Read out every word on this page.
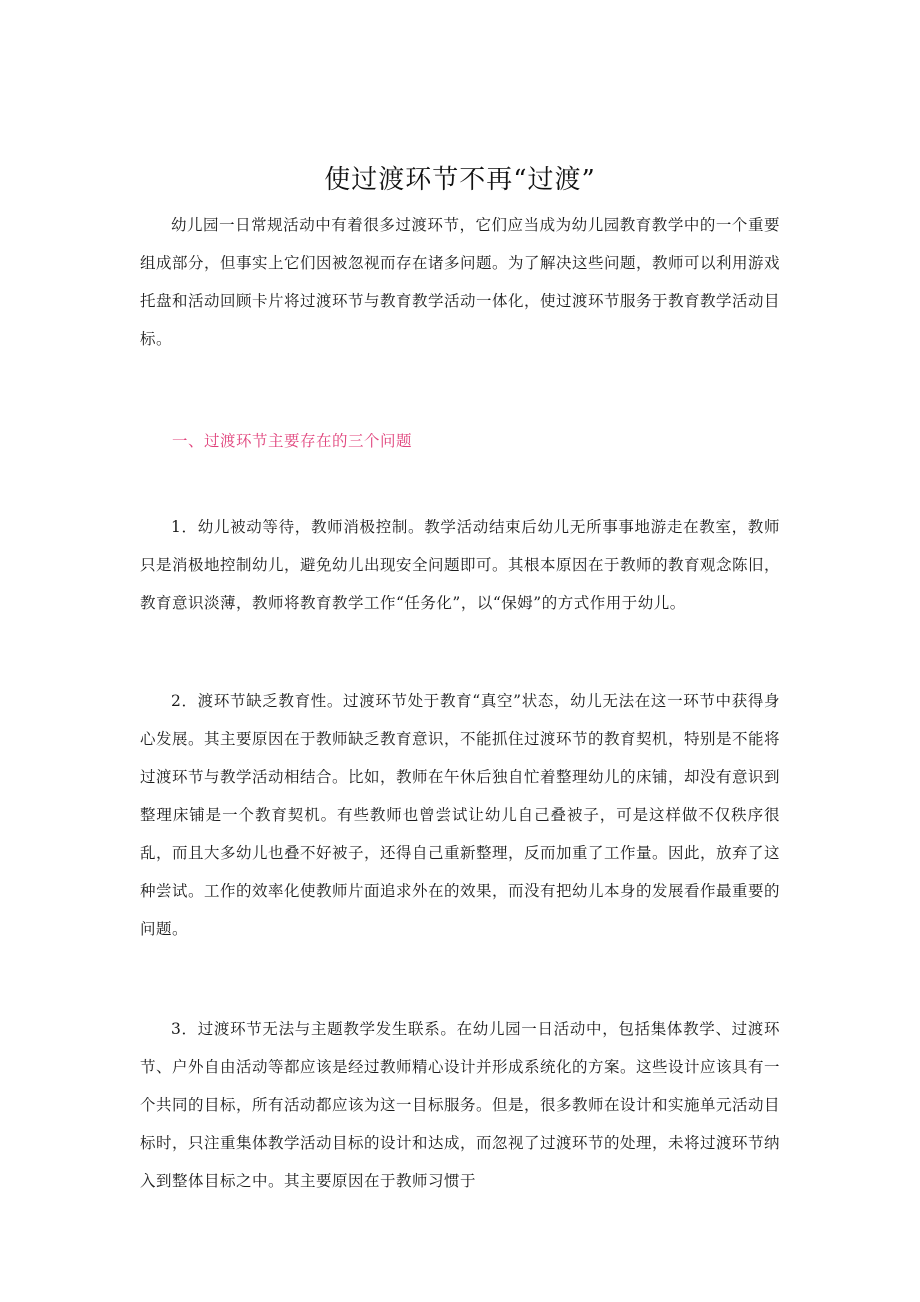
使过渡环节不再“过渡”

幼儿园一日常规活动中有着很多过渡环节，它们应当成为幼儿园教育教学中的一个重要组成部分，但事实上它们因被忽视而存在诸多问题。为了解决这些问题，教师可以利用游戏托盘和活动回顾卡片将过渡环节与教育教学活动一体化，使过渡环节服务于教育教学活动目标。

一、过渡环节主要存在的三个问题

1．幼儿被动等待，教师消极控制。教学活动结束后幼儿无所事事地游走在教室，教师只是消极地控制幼儿，避免幼儿出现安全问题即可。其根本原因在于教师的教育观念陈旧，教育意识淡薄，教师将教育教学工作“任务化”，以“保姆”的方式作用于幼儿。

2．渡环节缺乏教育性。过渡环节处于教育“真空”状态，幼儿无法在这一环节中获得身心发展。其主要原因在于教师缺乏教育意识，不能抓住过渡环节的教育契机，特别是不能将过渡环节与教学活动相结合。比如，教师在午休后独自忙着整理幼儿的床铺，却没有意识到整理床铺是一个教育契机。有些教师也曾尝试让幼儿自己叠被子，可是这样做不仅秩序很乱，而且大多幼儿也叠不好被子，还得自己重新整理，反而加重了工作量。因此，放弃了这种尝试。工作的效率化使教师片面追求外在的效果，而没有把幼儿本身的发展看作最重要的问题。

3．过渡环节无法与主题教学发生联系。在幼儿园一日活动中，包括集体教学、过渡环节、户外自由活动等都应该是经过教师精心设计并形成系统化的方案。这些设计应该具有一个共同的目标，所有活动都应该为这一目标服务。但是，很多教师在设计和实施单元活动目标时，只注重集体教学活动目标的设计和达成，而忽视了过渡环节的处理，未将过渡环节纳入到整体目标之中。其主要原因在于教师习惯于
